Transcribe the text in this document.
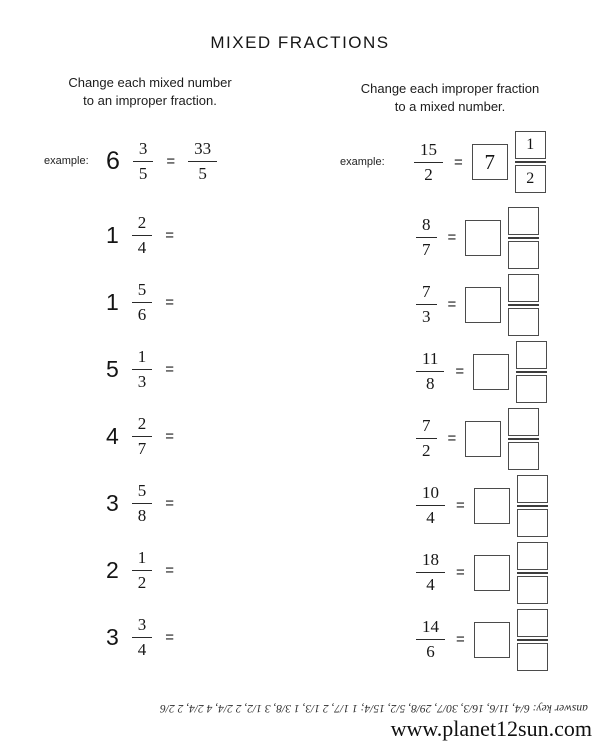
MIXED FRACTIONS
Change each mixed number
to an improper fraction.
example: $6 \frac{3}{5} = \frac{33}{5}$
$1 \frac{2}{4}$ =
$1 \frac{5}{6}$ =
$5 \frac{1}{3}$ =
$4 \frac{2}{7}$ =
$3 \frac{5}{8}$ =
$2 \frac{1}{2}$ =
$3 \frac{3}{4}$ =
Change each improper fraction
to a mixed number.
example:	$\frac{15}{2}$ =	7	$\frac{1}{2}$
$\frac{8}{7}$ =
$\frac{7}{3}$ =
$\frac{11}{8}$ =
$\frac{7}{2}$ =
$\frac{10}{4}$ =
$\frac{18}{4}$ =
$\frac{14}{6}$ =
answer key: 6/4, 11/6, 16/3, 30/7, 29/8, 5/2, 15/4; 1 1/7, 2 1/3, 1 3/8, 3 1/2, 2 2/4, 4 2/4, 2 2/6
www.planet12sun.com
